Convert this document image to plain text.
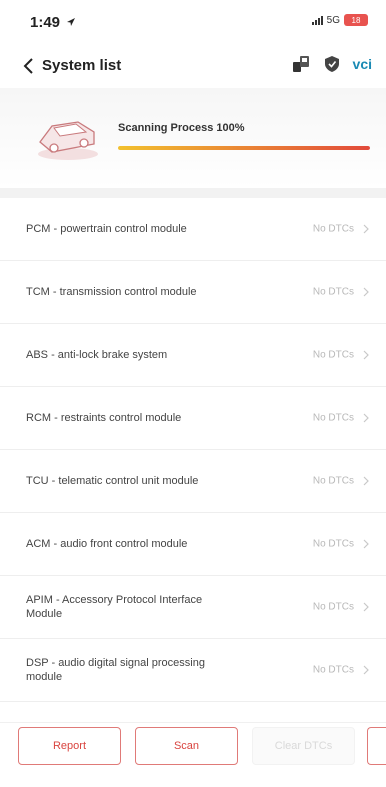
1:49	5G 18
System list	vci
Scanning Process 100%
PCM - powertrain control module	No DTCs
TCM - transmission control module	No DTCs
ABS - anti-lock brake system	No DTCs
RCM - restraints control module	No DTCs
TCU - telematic control unit module	No DTCs
ACM - audio front control module	No DTCs
APIM - Accessory Protocol Interface Module
No DTCs
DSP - audio digital signal processing module
No DTCs
Report	Scan	Clear DTCs
